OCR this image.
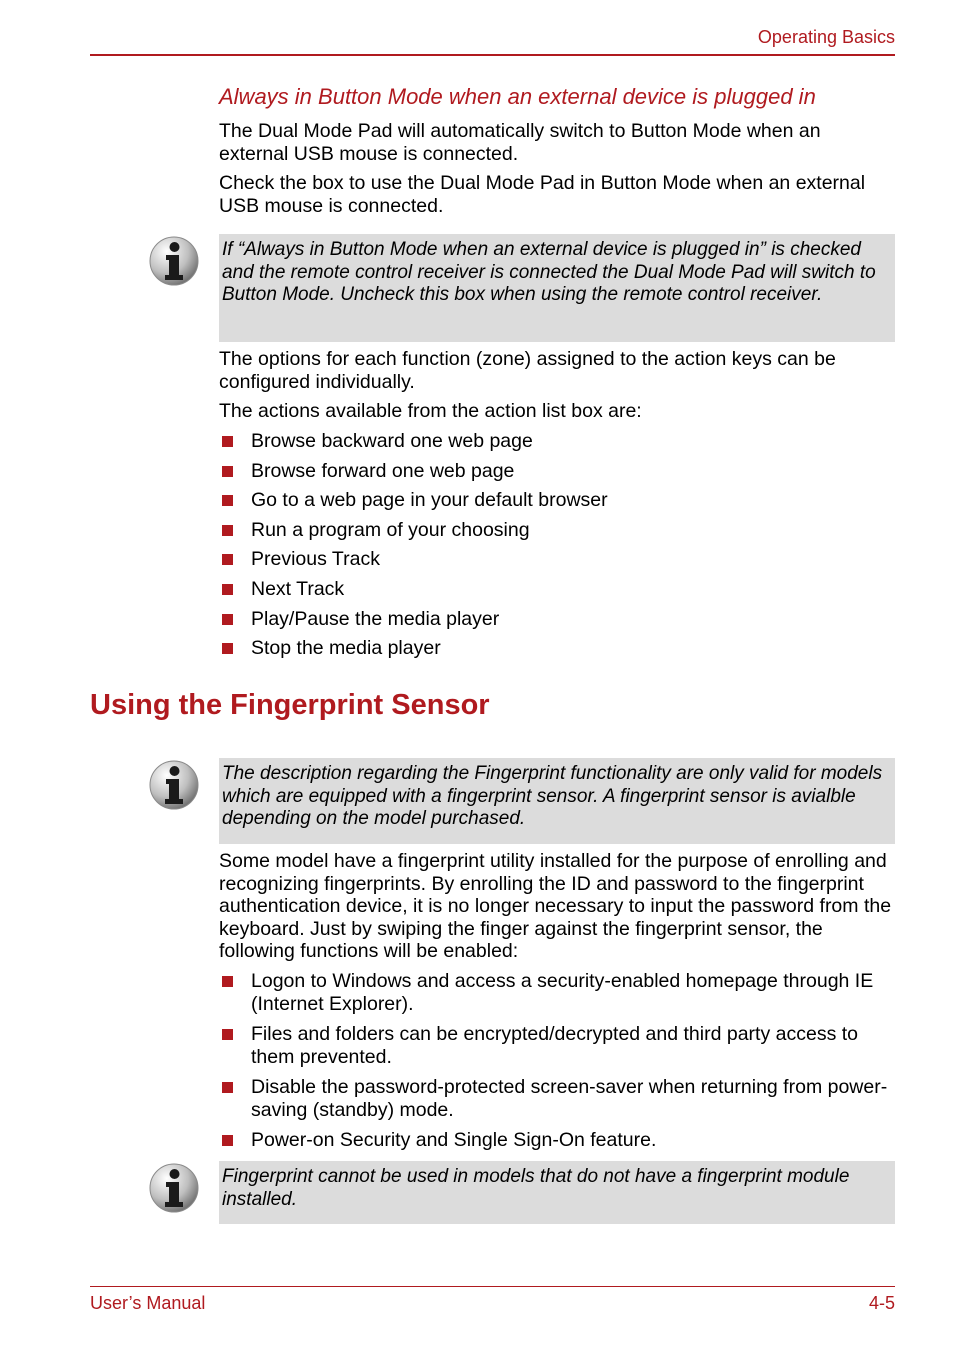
Operating Basics
Always in Button Mode when an external device is plugged in
The Dual Mode Pad will automatically switch to Button Mode when an external USB mouse is connected.
Check the box to use the Dual Mode Pad in Button Mode when an external USB mouse is connected.
If “Always in Button Mode when an external device is plugged in” is checked and the remote control receiver is connected the Dual Mode Pad will switch to Button Mode. Uncheck this box when using the remote control receiver.
The options for each function (zone) assigned to the action keys can be configured individually.
The actions available from the action list box are:
Browse backward one web page
Browse forward one web page
Go to a web page in your default browser
Run a program of your choosing
Previous Track
Next Track
Play/Pause the media player
Stop the media player
Using the Fingerprint Sensor
The description regarding the Fingerprint functionality are only valid for models which are equipped with a fingerprint sensor. A fingerprint sensor is avialble depending on the model purchased.
Some model have a fingerprint utility installed for the purpose of enrolling and recognizing fingerprints. By enrolling the ID and password to the fingerprint authentication device, it is no longer necessary to input the password from the keyboard. Just by swiping the finger against the fingerprint sensor, the following functions will be enabled:
Logon to Windows and access a security-enabled homepage through IE (Internet Explorer).
Files and folders can be encrypted/decrypted and third party access to them prevented.
Disable the password-protected screen-saver when returning from power-saving (standby) mode.
Power-on Security and Single Sign-On feature.
Fingerprint cannot be used in models that do not have a fingerprint module installed.
User’s Manual	4-5
